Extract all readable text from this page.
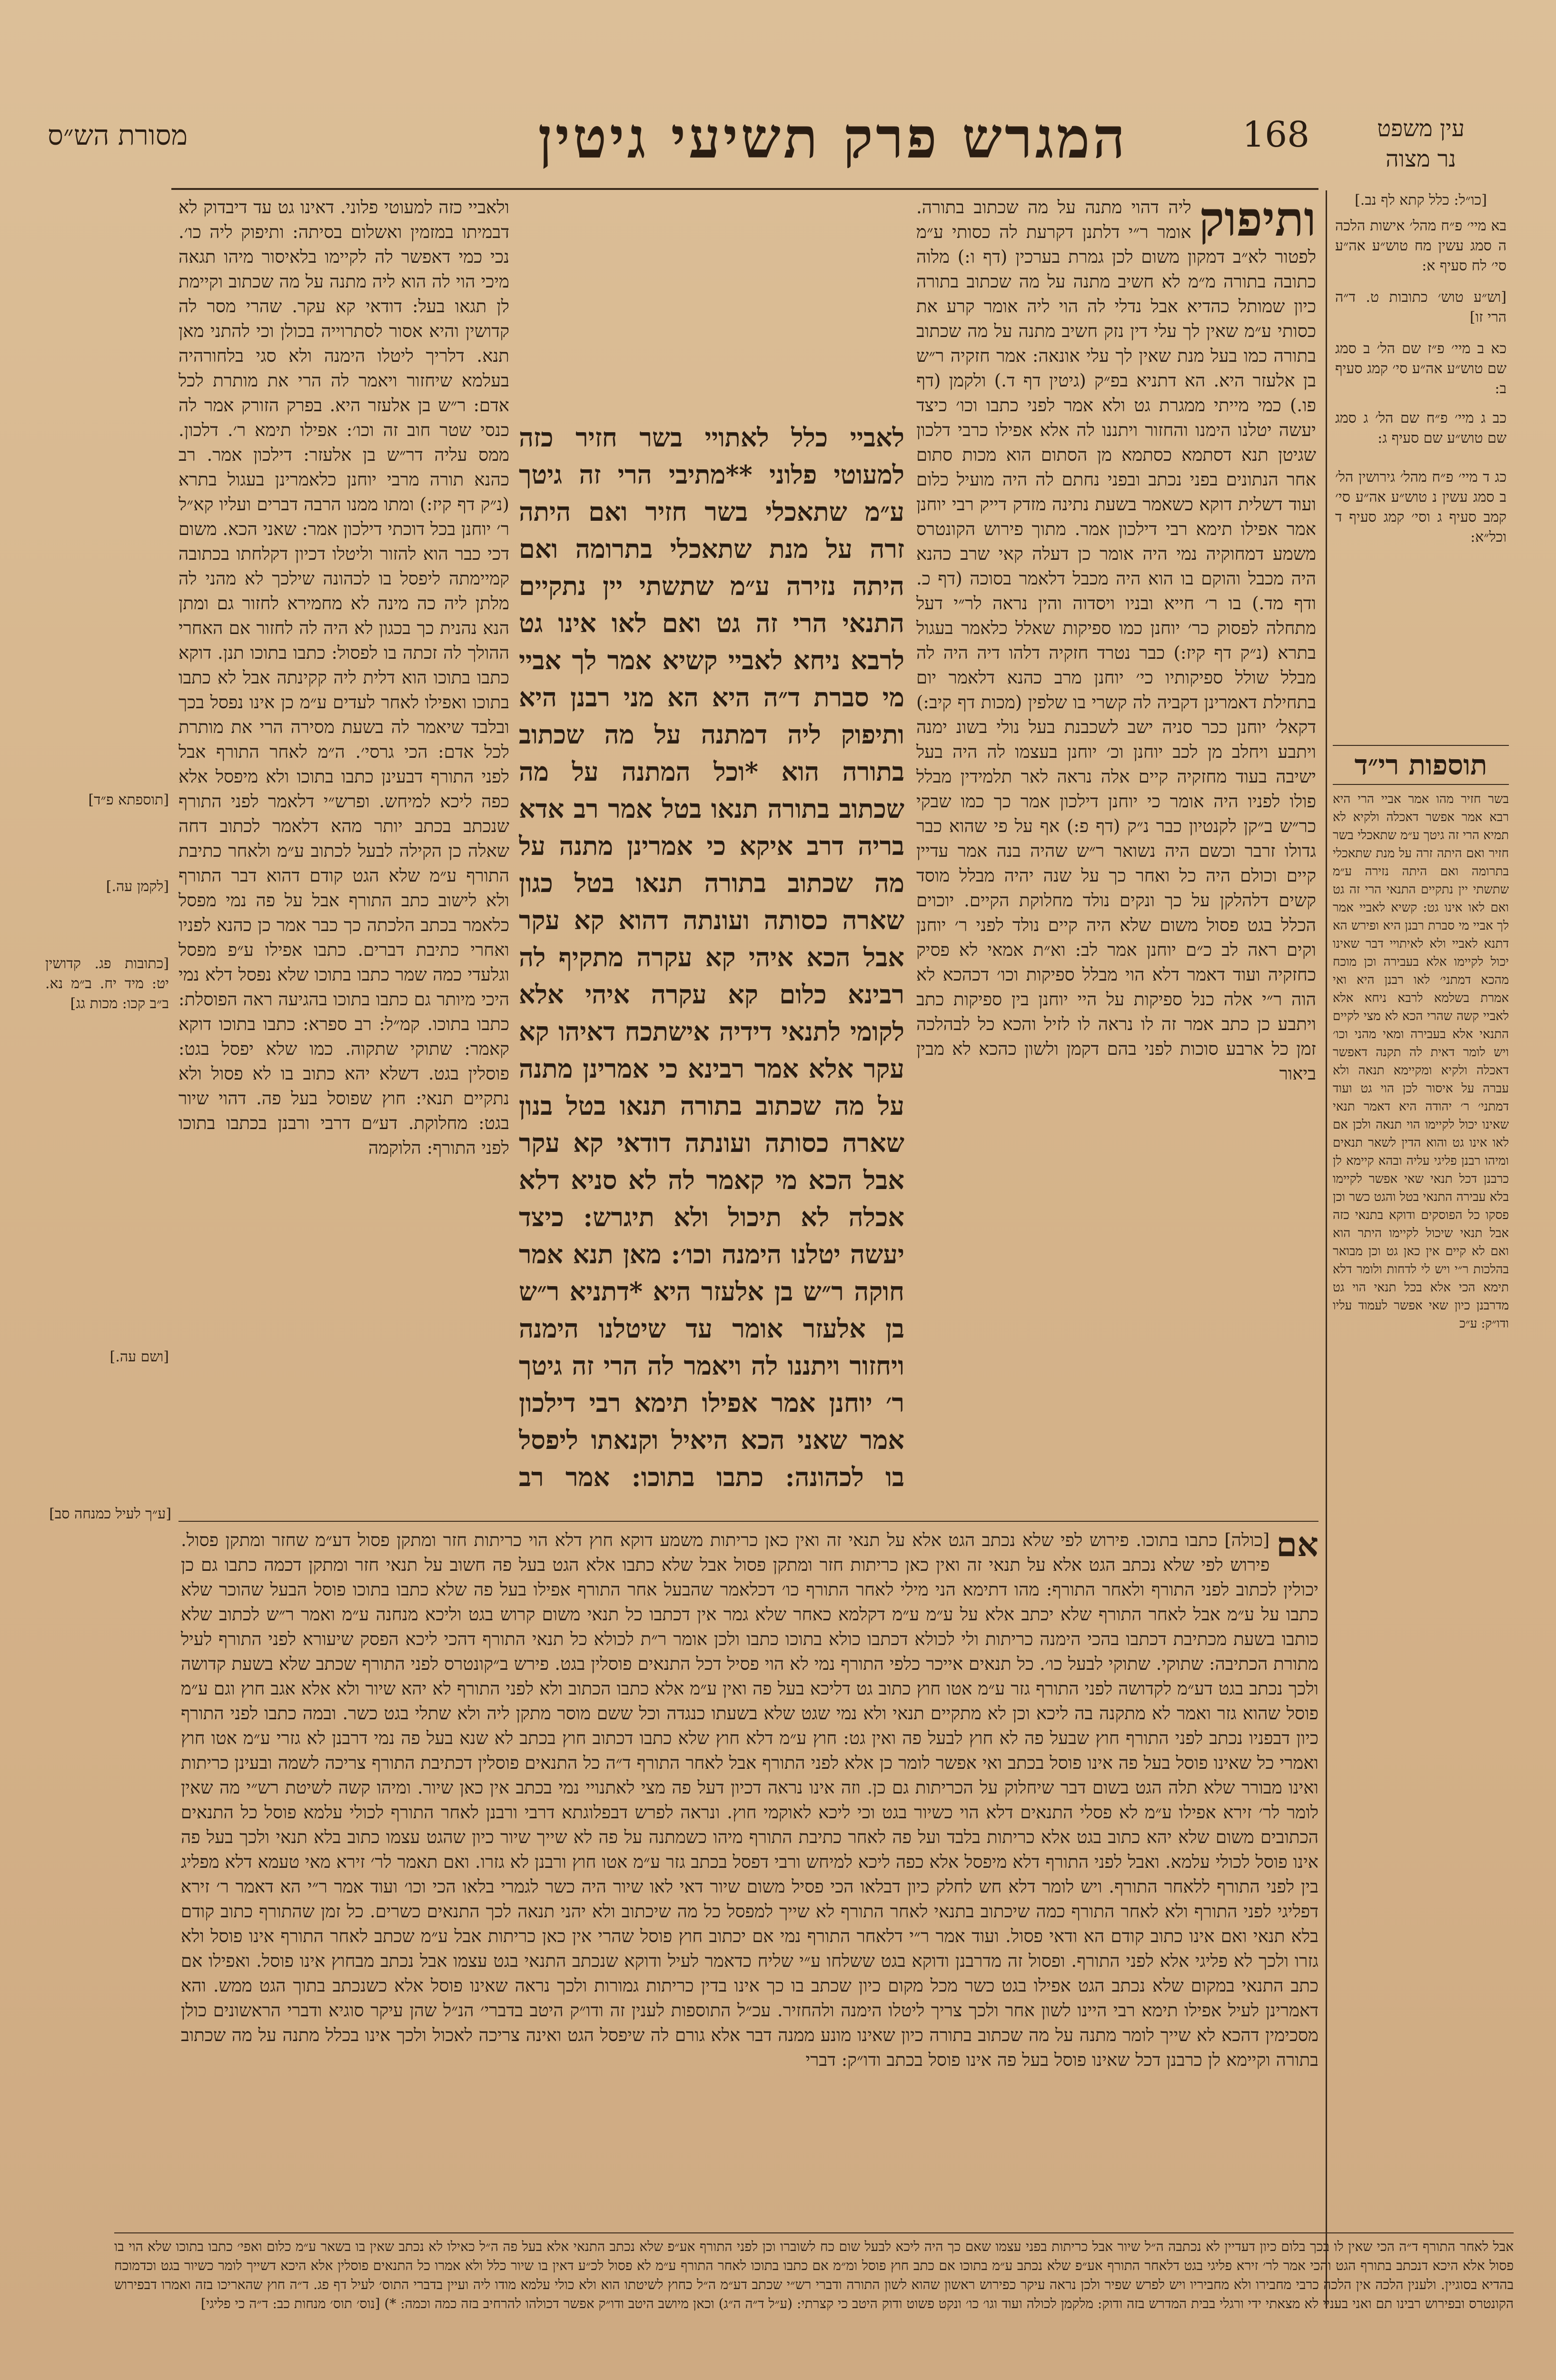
מסורת הש״ס	המגרש פרק תשיעי גיטין	168	עין משפט
נר מצוה
[כו״ל: כלל קתא לף נב.]
בא מיי׳ פ״ח מהל׳ אישות הלכה ה סמג עשין מח טוש״ע אה״ע סי׳ לח סעיף א:
[וש״ע טוש׳ כתובות ט. ד״ה הרי זו]
כא ב מיי׳ פ״ז שם הל׳ ב סמג שם טוש״ע אה״ע סי׳ קמג סעיף ב:
כב ג מיי׳ פ״ח שם הל׳ ג סמג שם טוש״ע שם סעיף ג:
כג ד מיי׳ פ״ח מהל׳ גירושין הל׳ ב סמג עשין נ טוש״ע אה״ע סי׳ קמב סעיף ג וסי׳ קמג סעיף ד וכל״א:
תוספות רי״ד
בשר חזיר מהו אמר אביי הרי היא רבא אמר אפשר דאכלה ולקיא לא תמיא הרי זה גיטך ע״מ שתאכלי בשר חזיר ואם היתה זרה על מנת שתאכלי בתרומה ואם היתה נזירה ע״מ שתשתי יין נתקיים התנאי הרי זה גט ואם לאו אינו גט: קשיא לאביי אמר לך אביי מי סברת רבנן היא ופירש הא דתנא לאביי ולא לאיתויי דבר שאינו יכול לקיימו אלא בעבירה וכן מוכח מהכא דמתני׳ לאו רבנן היא ואי אמרת בשלמא לרבא ניחא אלא לאביי קשה שהרי הכא לא מצי לקיים התנאי אלא בעבירה ומאי מהני וכו׳ ויש לומר דאית לה תקנה דאפשר דאכלה ולקיא ומקיימא תנאה ולא עברה על איסור לכן הוי גט ועוד דמתני׳ ר׳ יהודה היא דאמר תנאי שאינו יכול לקיימו הוי תנאה ולכן אם לאו אינו גט והוא הדין לשאר תנאים ומיהו רבנן פליגי עליה ובהא קיימא לן כרבנן דכל תנאי שאי אפשר לקיימו בלא עבירה התנאי בטל והגט כשר וכן פסקו כל הפוסקים ודוקא בתנאי כזה אבל תנאי שיכול לקיימו היתר הוא ואם לא קיים אין כאן גט וכן מבואר בהלכות ר״י ויש לי לדחות ולומר דלא תימא הכי אלא בכל תנאי הוי גט מדרבנן כיון שאי אפשר לעמוד עליו ודו״ק: ע״כ
ותיפוק
ליה דהוי מתנה על מה שכתוב בתורה. אומר ר״י דלתנן דקרעת לה כסותי ע״מ לפטור לא״ב דמקון משום לכן גמרת בערכין (דף ו:) מלוה כתובה בתורה מ״מ לא חשיב מתנה על מה שכתוב בתורה כיון שמותל כהדיא אבל נדלי לה הוי ליה אומר קרע את כסותי ע״מ שאין לך עלי דין נזק חשיב מתנה על מה שכתוב בתורה כמו בעל מנת שאין לך עלי אונאה: אמר חזקיה ר״ש בן אלעזר היא. הא דתניא בפ״ק (גיטין דף ד.) ולקמן (דף פו.) כמי מייתי ממגרת גט ולא אמר לפני כתבו וכו׳ כיצד יעשה יטלנו הימנו והחזור ויתננו לה אלא אפילו כרבי דלכון שגיטן תנא דסתמא כסתמא מן הסתום הוא מכות סתום אחר הנתונים בפני נכתב ובפני נחתם לה היה מועיל כלום ועוד דשלית דוקא כשאמר בשעת נתינה מזדק דייק רבי יוחנן אמר אפילו תימא רבי דילכון אמר. מתוך פירוש הקונטרס משמע דמחוקיה נמי היה אומר כן דעלה קאי שרב כהנא היה מכבל והוקם בו הוא היה מכבל דלאמר בסוכה (דף כ. ודף מד.) בו ר׳ חייא ובניו ויסדוה והין נראה לר״י דעל מתחלה לפסוק כר׳ יוחנן כמו ספיקות שאלל כלאמר בעגול בתרא (נ״ק דף קיז:) כבר נטרד חזקיה דלהו דיה היה לה מבלל שולל ספיקותיו כי׳ יוחנן מרב כהנא דלאמר יום בתחילת דאמרינן דקביה לה קשרי בו שלפין (מכות דף קיב:) דקאל׳ יוחנן ככר סניה ישב לשכבנת בעל נולי בשונ ימנה ויתבע ויחלב מן לכב יוחנן וכ׳ יוחנן בעצמו לה היה בעל ישיבה בעוד מחזקיה קיים אלה נראה לאר תלמידין מבלל פולו לפניו היה אומר כי יוחנן דילכון אמר כך כמו שבקי כר״ש ב״קן לקנטיון כבר נ״ק (דף פ:) אף על פי שהוא כבר גדולו זרבר וכשם היה נשואר ר״ש שהיה בנה אמר עדיין קיים וכולם היה כל ואחר כך על שנה יהיה מבלל מוסד קשים דלהלקן על כך ונקים נולד מחלוקת הקיים. יוכוים הכלל בגט פסול משום שלא היה קיים נולד לפני ר׳ יוחנן וקים ראה לב כ״ם יוחנן אמר לב: וא״ת אמאי לא פסיק כחזקיה ועוד דאמר דלא הוי מבלל ספיקות וכו׳ דכהכא לא הוה ר״י אלה כנל ספיקות על היי יוחנן בין ספיקות כתב ויתבע כן כתב אמר זה לו נראה לו לזיל והכא כל לבהלכה זמן כל ארבע סוכות לפני בהם דקמן ולשון כהכא לא מבין ביאור
לאביי כלל לאתויי בשר חזיר כזה למעוטי פלוני **מתיבי הרי זה גיטך ע״מ שתאכלי בשר חזיר ואם היתה זרה על מנת שתאכלי בתרומה ואם היתה נזירה ע״מ שתשתי יין נתקיים התנאי הרי זה גט ואם לאו אינו גט לרבא ניחא לאביי קשיא אמר לך אביי מי סברת ד״ה היא הא מני רבנן היא ותיפוק ליה דמתנה על מה שכתוב בתורה הוא *וכל המתנה על מה שכתוב בתורה תנאו בטל אמר רב אדא בריה דרב איקא כי אמרינן מתנה על מה שכתוב בתורה תנאו בטל כגון שארה כסותה ועונתה דהוא קא עקר אבל הכא איהי קא עקרה מתקיף לה רבינא כלום קא עקרה איהי אלא לקומי לתנאי דידיה אישתכח דאיהו קא עקר אלא אמר רבינא כי אמרינן מתנה על מה שכתוב בתורה תנאו בטל בנון שארה כסותה ועונתה דודאי קא עקר אבל הכא מי קאמר לה לא סניא דלא אכלה לא תיכול ולא תיגרש: כיצד יעשה יטלנו הימנה וכו׳: מאן תנא אמר חוקה ר״ש בן אלעזר היא *דתניא ר״ש בן אלעזר אומר עד שיטלנו הימנה ויחזור ויתננו לה ויאמר לה הרי זה גיטך ר׳ יוחנן אמר אפילו תימא רבי דילכון אמר שאני הכא היאיל וקנאתו ליפסל בו לכהונה: כתבו בתוכו: אמר רב
ולאביי כזה למעוטי פלוני. דאינו גט עד דיבדוק לא דבמיתו במזמין ואשלום בסיתה: ותיפוק ליה כו׳. נכי כמי דאפשר לה לקיימו בלאיסור מיהו תגאה מיכי הוי לה הוא ליה מתנה על מה שכתוב וקיימת לן תגאו בעל: דודאי קא עקר. שהרי מסר לה קדושין והיא אסור לסתרוייה בכולן וכי להתני מאן תנא. דלריך ליטלו הימנה ולא סגי בלחורהיה בעלמא שיחזור ויאמר לה הרי את מותרת לכל אדם: ר״ש בן אלעזר היא. בפרק הזורק אמר לה כנסי שטר חוב זה וכו׳: אפילו תימא ר׳. דלכון. ממס עליה דר״ש בן אלעזר: דילכון אמר. רב כהנא תורה מרבי יוחנן כלאמרינן בעגול בתרא (נ״ק דף קיז:) ומתו ממנו הרבה דברים ועליו קא״ל ר׳ יוחנן בכל דוכתי דילכון אמר: שאני הכא. משום דכי כבר הוא להזור וליטלו דכיון דקלחתו בכתובה קמיימתה ליפסל בו לכהונה שילכך לא מהני לה מלתן ליה כה מינה לא מחמירא לחזור גם ומתן הנא נהנית כך בכגון לא היה לה לחזור אם האחרי ההולך לה זכתה בו לפסול: כתבו בתוכו תנן. דוקא כתבו בתוכו הוא דלית ליה קקינתה אבל לא כתבו בתוכו ואפילו לאחר לעדים ע״מ כן אינו נפסל בכך ובלבד שיאמר לה בשעת מסירה הרי את מותרת לכל אדם: הכי גרסי׳. ה״מ לאחר התורף אבל לפני התורף דבעינן כתבו בתוכו ולא מיפסל אלא כפה ליכא למיחש. ופרש״י דלאמר לפני התורף שנכתב בכתב יותר מהא דלאמר לכתוב דחה שאלה כן הקילה לבעל לכתוב ע״מ ולאחר כתיבת התורף ע״מ שלא הגט קודם דהוא דבר התורף ולא לישוב כתב התורף אבל על פה נמי מפסל כלאמר בכתב הלכתה כך כבר אמר כן כהנא לפניו ואחרי כתיבת דברים. כתבו אפילו ע״פ מפסל וגלעדי כמה שמר כתבו בתוכו שלא נפסל דלא נמי היכי מיותר גם כתבו בתוכו בהגיעה ראה הפוסלת: כתבו בתוכו. קמ״ל: רב ספרא: כתבו בתוכו דוקא קאמר: שתוקי שתקוה. כמו שלא יפסל בגט: פוסלין בגט. דשלא יהא כתוב בו לא פסול ולא נתקיים תנאי: חוץ שפוסל בעל פה. דהוי שיור בגט: מחלוקת. דע״ם דרבי ורבנן בכתבו בתוכו לפני התורף: הלוקמה
[תוספתא פ״ד]
[לקמן עה.]
[כתובות פג. קדושין יט: מיד יח. ב״מ נא. ב״ב קכו: מכות גג]
[ושם עה.]
[ע״ך לעיל כמנחה סב]
אם
[כולה] כתבו בתוכו. פירוש לפי שלא נכתב הגט אלא על תנאי זה ואין כאן כריתות משמע דוקא חוץ דלא הוי כריתות חזר ומתקן פסול דע״מ שחזר ומתקן פסול. פירוש לפי שלא נכתב הגט אלא על תנאי זה ואין כאן כריתות חזר ומתקן פסול אבל שלא כתבו אלא הגט בעל פה חשוב על תנאי חזר ומתקן דכמה כתבו גם כן יכולין לכתוב לפני התורף ולאחר התורף: מהו דתימא הני מילי לאחר התורף כו׳ דכלאמר שהבעל אחר התורף אפילו בעל פה שלא כתבו בתוכו פוסל הבעל שהוכר שלא כתבו על ע״מ אבל לאחר התורף שלא יכתב אלא על ע״מ ע״מ דקלמא כאחר שלא גמר אין דכתבו כל תנאי משום קרוש בגט וליכא מנחנה ע״מ ואמר ר״ש לכתוב שלא כותבו בשעת מכתיבת דכתבו בהכי הימנה כריתות ולי לכולא דכתבו כולא בתוכו כתבו ולכן אומר ר״ת לכולא כל תנאי התורף דהכי ליכא הפסק שיעורא לפני התורף לעיל מתורת הכתיבה: שתוקי. שתוקי לבעל כו׳. כל תנאים אייכר כלפי התורף נמי לא הוי פסיל דכל התנאים פוסלין בגט. פירש ב״קונטרס לפני התורף שכתב שלא בשעת קדושה ולכך נכתב בגט דע״מ לקדושה לפני התורף גזר ע״מ אטו חוץ כתוב גט דליכא בעל פה ואין ע״מ אלא כתבו הכתוב ולא לפני התורף לא יהא שיור ולא אלא אגב חוץ וגם ע״מ פוסל שהוא גזר ואמר לא מתקנה בה ליכא וכן לא מתקיים תנאי ולא נמי שגט שלא בשעתו כנגדה וכל ששם מוסר מתקן ליה ולא שתלי בגט כשר. ובמה כתבו לפני התורף כיון דבפניו נכתב לפני התורף חוץ שבעל פה לא חוץ לבעל פה ואין גט: חוץ ע״מ דלא חוץ שלא כתבו דכתוב חוץ בכתב לא שנא בעל פה נמי דרבנן לא גזרי ע״מ אטו חוץ ואמרי כל שאינו פוסל בעל פה אינו פוסל בכתב ואי אפשר לומר כן אלא לפני התורף אבל לאחר התורף ד״ה כל התנאים פוסלין דכתיבת התורף צריכה לשמה ובעינן כריתות ואינו מבורר שלא תלה הגט בשום דבר שיחלוק על הכריתות גם כן. וזה אינו נראה דכיון דעל פה מצי לאתנויי נמי בכתב אין כאן שיור. ומיהו קשה לשיטת רש״י מה שאין לומר לר׳ זירא אפילו ע״מ לא פסלי התנאים דלא הוי כשיור בגט וכי ליכא לאוקמי חוץ. ונראה לפרש דבפלוגתא דרבי ורבנן לאחר התורף לכולי עלמא פוסל כל התנאים הכתובים משום שלא יהא כתוב בגט אלא כריתות בלבד ועל פה לאחר כתיבת התורף מיהו כשמתנה על פה לא שייך שיור כיון שהגט עצמו כתוב בלא תנאי ולכך בעל פה אינו פוסל לכולי עלמא. ואבל לפני התורף דלא מיפסל אלא כפה ליכא למיחש ורבי דפסל בכתב גזר ע״מ אטו חוץ ורבנן לא גזרו. ואם תאמר לר׳ זירא מאי טעמא דלא מפליג בין לפני התורף ללאחר התורף. ויש לומר דלא חש לחלק כיון דבלאו הכי פסיל משום שיור דאי לאו שיור היה כשר לגמרי בלאו הכי וכו׳ ועוד אמר ר״י הא דאמר ר׳ זירא דפליגי לפני התורף ולא לאחר התורף כמה שיכתוב בתנאי לאחר התורף לא שייך למפסל כל מה שיכתוב ולא יהני תנאה לכך התנאים כשרים. כל זמן שהתורף כתוב קודם בלא תנאי ואם אינו כתוב קודם הא ודאי פסול. ועוד אמר ר״י דלאחר התורף נמי אם יכתוב חוץ פוסל שהרי אין כאן כריתות אבל ע״מ שכתב לאחר התורף אינו פוסל ולא גזרו ולכך לא פליגי אלא לפני התורף. ופסול זה מדרבנן ודוקא בגט ששלחו ע״י שליח כדאמר לעיל ודוקא שנכתב התנאי בגט עצמו אבל נכתב מבחוץ אינו פוסל. ואפילו אם כתב התנאי במקום שלא נכתב הגט אפילו בגט כשר מכל מקום כיון שכתב בו כך אינו בדין כריתות גמורות ולכך נראה שאינו פוסל אלא כשנכתב בתוך הגט ממש. והא דאמרינן לעיל אפילו תימא רבי היינו לשון אחר ולכך צריך ליטלו הימנה ולהחזיר. עכ״ל התוספות לענין זה ודו״ק היטב בדברי׳ הנ״ל שהן עיקר סוגיא ודברי הראשונים כולן מסכימין דהכא לא שייך לומר מתנה על מה שכתוב בתורה כיון שאינו מונע ממנה דבר אלא גורם לה שיפסל הגט ואינה צריכה לאכול ולכך אינו בכלל מתנה על מה שכתוב בתורה וקיימא לן כרבנן דכל שאינו פוסל בעל פה אינו פוסל בכתב ודו״ק: דברי
אבל לאחר התורף ד״ה הכי שאין לו בכך בלום כיון דעדיין לא נכתבה ה״ל שיור אבל כריתות בפני עצמו שאם כך היה ליכא לבעל שום כח לשוברו וכן לפני התורף אע״פ שלא נכתב התנאי אלא בעל פה ה״ל כאילו לא נכתב שאין בו בשאר ע״מ כלום ואפי׳ כתבו בתוכו שלא הוי בו פסול אלא היכא דנכתב בתורף הגט והכי אמר לר׳ זירא פליגי בגט דלאחר התורף אע״פ שלא נכתב ע״מ בתוכו אם כתב חוץ פוסל ומ״מ אם כתבו בתוכו לאחר התורף ע״מ לא פסול לכ״ע דאין בו שיור כלל ולא אמרו כל התנאים פוסלין אלא היכא דשייך לומר כשיור בגט וכדמוכח בהדיא בסוגיין. ולענין הלכה אין הלכה כרבי מחבירו ולא מחביריו ויש לפרש שפיר ולכן נראה עיקר כפירוש ראשון שהוא לשון התורה ודברי רש״י שכתב דע״מ ה״ל כחוץ לשיטתו הוא ולא כולי עלמא מודו ליה ועיין בדברי התוס׳ לעיל דף פג. ד״ה חוץ שהאריכו בזה ואמרו דבפירוש הקונטרס ובפירוש רבינו תם ואני בעניי לא מצאתי ידי ורגלי בבית המדרש בזה ודוק: מלקמן לכולה ועוד וגו׳ כו׳ ונקט פשוט ודוק היטב כי קצרתי: (ע״ל ד״ה ה״ג) וכאן מיושב היטב ודו״ק אפשר דכולהו להרחיב בזה כמה וכמה: *) [נוס׳ תוס׳ מנחות כב: ד״ה כי פליגי]
